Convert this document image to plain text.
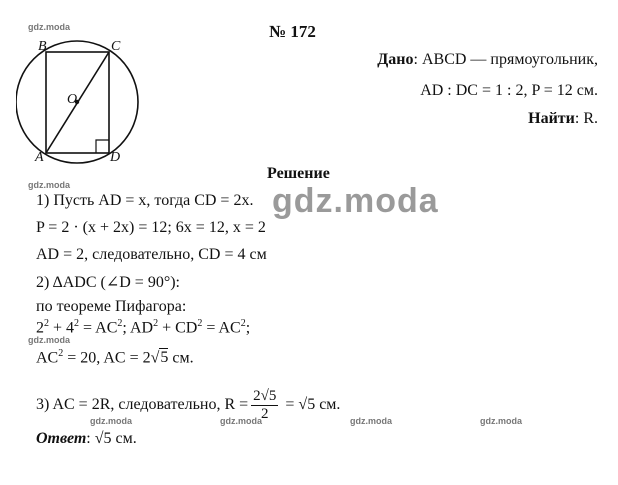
№ 172
gdz.moda
gdz.moda
gdz.moda
gdz.moda	gdz.moda	gdz.moda	gdz.moda
B	C
O
A	D
Дано: ABCD — прямоугольник,
AD : DC = 1 : 2, P = 12 см.
Найти: R.
Решение
gdz.moda
1) Пусть AD = x, тогда CD = 2x.
P = 2 · (x + 2x) = 12; 6x = 12, x = 2
AD = 2, следовательно, CD = 4 см
2) ΔADC (∠D = 90°):
по теореме Пифагора:
$2^2 + 4^2 = AC^2$; $AD^2 + CD^2 = AC^2$;
$AC^2 = 20$, AC = 2√5 см.
3) AC = 2R, следовательно, $R = \frac{2√5}{2} = √5$ см.
Ответ: √5 см.
